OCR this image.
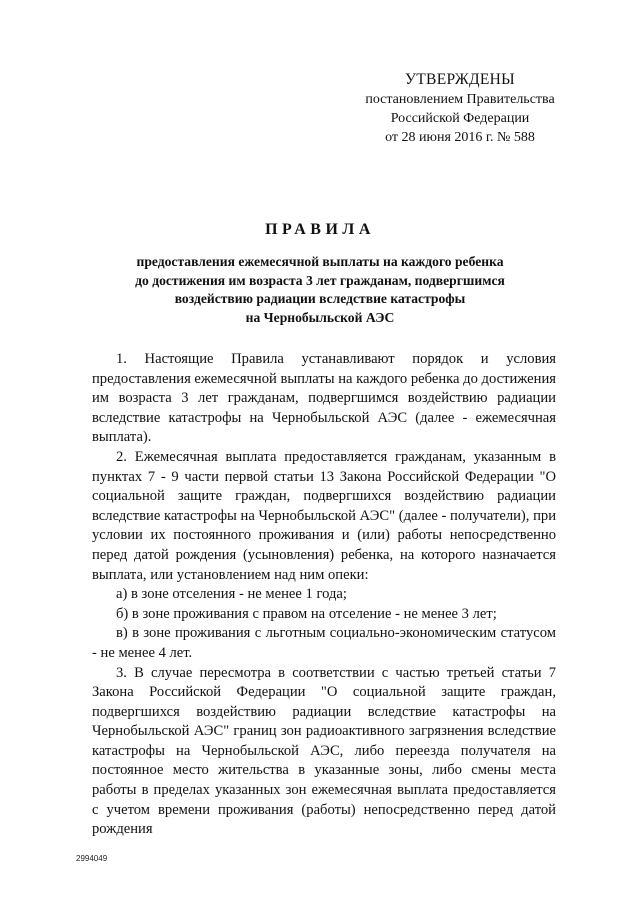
УТВЕРЖДЕНЫ
постановлением Правительства
Российской Федерации
от 28 июня 2016 г. № 588
ПРАВИЛА
предоставления ежемесячной выплаты на каждого ребенка
до достижения им возраста 3 лет гражданам, подвергшимся
воздействию радиации вследствие катастрофы
на Чернобыльской АЭС

1. Настоящие Правила устанавливают порядок и условия предоставления ежемесячной выплаты на каждого ребенка до достижения им возраста 3 лет гражданам, подвергшимся воздействию радиации вследствие катастрофы на Чернобыльской АЭС (далее - ежемесячная выплата).

2. Ежемесячная выплата предоставляется гражданам, указанным в пунктах 7 - 9 части первой статьи 13 Закона Российской Федерации "О социальной защите граждан, подвергшихся воздействию радиации вследствие катастрофы на Чернобыльской АЭС" (далее - получатели), при условии их постоянного проживания и (или) работы непосредственно перед датой рождения (усыновления) ребенка, на которого назначается выплата, или установлением над ним опеки:

а) в зоне отселения - не менее 1 года;

б) в зоне проживания с правом на отселение - не менее 3 лет;

в) в зоне проживания с льготным социально-экономическим статусом - не менее 4 лет.

3. В случае пересмотра в соответствии с частью третьей статьи 7 Закона Российской Федерации "О социальной защите граждан, подвергшихся воздействию радиации вследствие катастрофы на Чернобыльской АЭС" границ зон радиоактивного загрязнения вследствие катастрофы на Чернобыльской АЭС, либо переезда получателя на постоянное место жительства в указанные зоны, либо смены места работы в пределах указанных зон ежемесячная выплата предоставляется с учетом времени проживания (работы) непосредственно перед датой рождения

2994049
